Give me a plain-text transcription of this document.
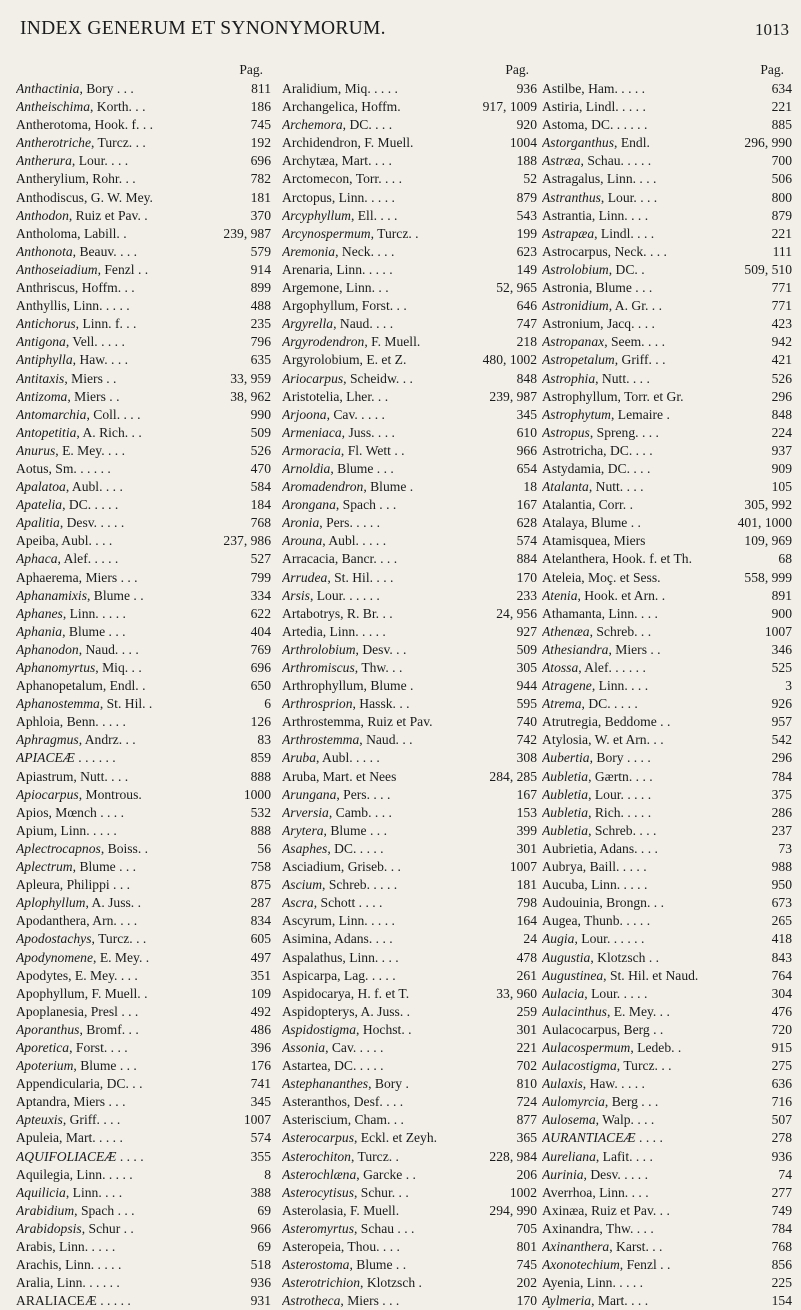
INDEX GENERUM ET SYNONYMORUM.	1013
Pag.
Anthactinia, Bory . . .	811
Antheischima, Korth. . .	186
Antherotoma, Hook. f. . .	745
Antherotriche, Turcz. . .	192
Antherura, Lour. . . .	696
Antherylium, Rohr. . .	782
Anthodiscus, G. W. Mey.	181
Anthodon, Ruiz et Pav. .	370
Antholoma, Labill. .	239, 987
Anthonota, Beauv. . . .	579
Anthoseiadium, Fenzl . .	914
Anthriscus, Hoffm. . .	899
Anthyllis, Linn. . . . .	488
Antichorus, Linn. f. . .	235
Antigona, Vell. . . . .	796
Antiphylla, Haw. . . .	635
Antitaxis, Miers . .	33, 959
Antizoma, Miers . .	38, 962
Antomarchia, Coll. . . .	990
Antopetitia, A. Rich. . .	509
Anurus, E. Mey. . . .	526
Aotus, Sm. . . . . .	470
Apalatoa, Aubl. . . .	584
Apatelia, DC. . . . .	184
Apalitia, Desv. . . . .	768
Apeiba, Aubl. . . .	237, 986
Aphaca, Alef. . . . .	527
Aphaerema, Miers . . .	799
Aphanamixis, Blume . .	334
Aphanes, Linn. . . . .	622
Aphania, Blume . . .	404
Aphanodon, Naud. . . .	769
Aphanomyrtus, Miq. . .	696
Aphanopetalum, Endl. .	650
Aphanostemma, St. Hil. .	6
Aphloia, Benn. . . . .	126
Aphragmus, Andrz. . .	83
APIACEÆ . . . . . .	859
Apiastrum, Nutt. . . .	888
Apiocarpus, Montrous.	1000
Apios, Mœnch . . . .	532
Apium, Linn. . . . .	888
Aplectrocapnos, Boiss. .	56
Aplectrum, Blume . . .	758
Apleura, Philippi . . .	875
Aplophyllum, A. Juss. .	287
Apodanthera, Arn. . . .	834
Apodostachys, Turcz. . .	605
Apodynomene, E. Mey. .	497
Apodytes, E. Mey. . . .	351
Apophyllum, F. Muell. .	109
Apoplanesia, Presl . . .	492
Aporanthus, Bromf. . .	486
Aporetica, Forst. . . .	396
Apoterium, Blume . . .	176
Appendicularia, DC. . .	741
Aptandra, Miers . . .	345
Apteuxis, Griff. . . .	1007
Apuleia, Mart. . . . .	574
AQUIFOLIACEÆ . . . .	355
Aquilegia, Linn. . . . .	8
Aquilicia, Linn. . . .	388
Arabidium, Spach . . .	69
Arabidopsis, Schur . .	966
Arabis, Linn. . . . .	69
Arachis, Linn. . . . .	518
Aralia, Linn. . . . . .	936
ARALIACEÆ . . . . .	931
Pag.
Aralidium, Miq. . . . .	936
Archangelica, Hoffm.	917, 1009
Archemora, DC. . . .	920
Archidendron, F. Muell.	1004
Archytæa, Mart. . . .	188
Arctomecon, Torr. . . .	52
Arctopus, Linn. . . . .	879
Arcyphyllum, Ell. . . .	543
Arcynospermum, Turcz. .	199
Aremonia, Neck. . . .	623
Arenaria, Linn. . . . .	149
Argemone, Linn. . .	52, 965
Argophyllum, Forst. . .	646
Argyrella, Naud. . . .	747
Argyrodendron, F. Muell.	218
Argyrolobium, E. et Z.	480, 1002
Ariocarpus, Scheidw. . .	848
Aristotelia, Lher. . .	239, 987
Arjoona, Cav. . . . .	345
Armeniaca, Juss. . . .	610
Armoracia, Fl. Wett . .	966
Arnoldia, Blume . . .	654
Aromadendron, Blume .	18
Arongana, Spach . . .	167
Aronia, Pers. . . . .	628
Arouna, Aubl. . . . .	574
Arracacia, Bancr. . . .	884
Arrudea, St. Hil. . . .	170
Arsis, Lour. . . . . .	233
Artabotrys, R. Br. . .	24, 956
Artedia, Linn. . . . .	927
Arthrolobium, Desv. . .	509
Arthromiscus, Thw. . .	305
Arthrophyllum, Blume .	944
Arthrosprion, Hassk. . .	595
Arthrostemma, Ruiz et Pav.	740
Arthrostemma, Naud. . .	742
Aruba, Aubl. . . . .	308
Aruba, Mart. et Nees	284, 285
Arungana, Pers. . . .	167
Arversia, Camb. . . .	153
Arytera, Blume . . .	399
Asaphes, DC. . . . .	301
Asciadium, Griseb. . .	1007
Ascium, Schreb. . . . .	181
Ascra, Schott . . . .	798
Ascyrum, Linn. . . . .	164
Asimina, Adans. . . .	24
Aspalathus, Linn. . . .	478
Aspicarpa, Lag. . . . .	261
Aspidocarya, H. f. et T.	33, 960
Aspidopterys, A. Juss. .	259
Aspidostigma, Hochst. .	301
Assonia, Cav. . . . .	221
Astartea, DC. . . . .	702
Astephananthes, Bory .	810
Asteranthos, Desf. . . .	724
Asteriscium, Cham. . .	877
Asterocarpus, Eckl. et Zeyh.	365
Asterochiton, Turcz. .	228, 984
Asterochlæna, Garcke . .	206
Asterocytisus, Schur. . .	1002
Asterolasia, F. Muell.	294, 990
Asteromyrtus, Schau . . .	705
Asteropeia, Thou. . . .	801
Asterostoma, Blume . .	745
Asterotrichion, Klotzsch .	202
Astrotheca, Miers . . .	170
Pag.
Astilbe, Ham. . . . .	634
Astiria, Lindl. . . . .	221
Astoma, DC. . . . . .	885
Astorganthus, Endl.	296, 990
Astræa, Schau. . . . .	700
Astragalus, Linn. . . .	506
Astranthus, Lour. . . .	800
Astrantia, Linn. . . .	879
Astrapæa, Lindl. . . .	221
Astrocarpus, Neck. . . .	111
Astrolobium, DC. .	509, 510
Astronia, Blume . . .	771
Astronidium, A. Gr. . .	771
Astronium, Jacq. . . .	423
Astropanax, Seem. . . .	942
Astropetalum, Griff. . .	421
Astrophia, Nutt. . . .	526
Astrophyllum, Torr. et Gr.	296
Astrophytum, Lemaire .	848
Astropus, Spreng. . . .	224
Astrotricha, DC. . . .	937
Astydamia, DC. . . .	909
Atalanta, Nutt. . . .	105
Atalantia, Corr. .	305, 992
Atalaya, Blume . .	401, 1000
Atamisquea, Miers	109, 969
Atelanthera, Hook. f. et Th.	68
Ateleia, Moç. et Sess.	558, 999
Atenia, Hook. et Arn. .	891
Athamanta, Linn. . . .	900
Athenæa, Schreb. . .	1007
Athesiandra, Miers . .	346
Atossa, Alef. . . . . .	525
Atragene, Linn. . . .	3
Atrema, DC. . . . .	926
Atrutregia, Beddome . .	957
Atylosia, W. et Arn. . .	542
Aubertia, Bory . . . .	296
Aubletia, Gærtn. . . .	784
Aubletia, Lour. . . . .	375
Aubletia, Rich. . . . .	286
Aubletia, Schreb. . . .	237
Aubrietia, Adans. . . .	73
Aubrya, Baill. . . . .	988
Aucuba, Linn. . . . .	950
Audouinia, Brongn. . .	673
Augea, Thunb. . . . .	265
Augia, Lour. . . . . .	418
Augustia, Klotzsch . .	843
Augustinea, St. Hil. et Naud.	764
Aulacia, Lour. . . . .	304
Aulacinthus, E. Mey. . .	476
Aulacocarpus, Berg . .	720
Aulacospermum, Ledeb. .	915
Aulacostigma, Turcz. . .	275
Aulaxis, Haw. . . . .	636
Aulomyrcia, Berg . . .	716
Aulosema, Walp. . . .	507
AURANTIACEÆ . . . .	278
Aureliana, Lafit. . . .	936
Aurinia, Desv. . . . .	74
Averrhoa, Linn. . . .	277
Axinæa, Ruiz et Pav. . .	749
Axinandra, Thw. . . .	784
Axinanthera, Karst. . .	768
Axonotechium, Fenzl . .	856
Ayenia, Linn. . . . .	225
Aylmeria, Mart. . . .	154
